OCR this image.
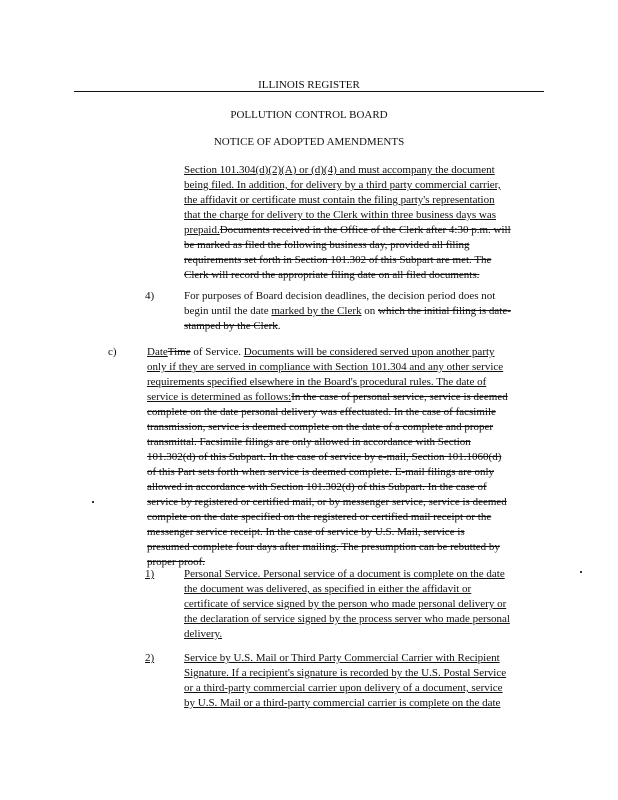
ILLINOIS REGISTER
POLLUTION CONTROL BOARD
NOTICE OF ADOPTED AMENDMENTS
Section 101.304(d)(2)(A) or (d)(4) and must accompany the document
being filed. In addition, for delivery by a third party commercial carrier,
the affidavit or certificate must contain the filing party's representation
that the charge for delivery to the Clerk within three business days was
prepaid.Documents received in the Office of the Clerk after 4:30 p.m. will
be marked as filed the following business day, provided all filing
requirements set forth in Section 101.302 of this Subpart are met. The
Clerk will record the appropriate filing date on all filed documents.
4)	For purposes of Board decision deadlines, the decision period does not
begin until the date marked by the Clerk on which the initial filing is date-
stamped by the Clerk.
c)	DateTime of Service. Documents will be considered served upon another party
only if they are served in compliance with Section 101.304 and any other service
requirements specified elsewhere in the Board's procedural rules. The date of
service is determined as follows:In the case of personal service, service is deemed
complete on the date personal delivery was effectuated. In the case of facsimile
transmission, service is deemed complete on the date of a complete and proper
transmittal. Facsimile filings are only allowed in accordance with Section
101.302(d) of this Subpart. In the case of service by e-mail, Section 101.1060(d)
of this Part sets forth when service is deemed complete. E-mail filings are only
allowed in accordance with Section 101.302(d) of this Subpart. In the case of
service by registered or certified mail, or by messenger service, service is deemed
complete on the date specified on the registered or certified mail receipt or the
messenger service receipt. In the case of service by U.S. Mail, service is
presumed complete four days after mailing. The presumption can be rebutted by
proper proof.
1)	Personal Service. Personal service of a document is complete on the date
the document was delivered, as specified in either the affidavit or
certificate of service signed by the person who made personal delivery or
the declaration of service signed by the process server who made personal
delivery.
2)	Service by U.S. Mail or Third Party Commercial Carrier with Recipient
Signature. If a recipient's signature is recorded by the U.S. Postal Service
or a third-party commercial carrier upon delivery of a document, service
by U.S. Mail or a third-party commercial carrier is complete on the date
